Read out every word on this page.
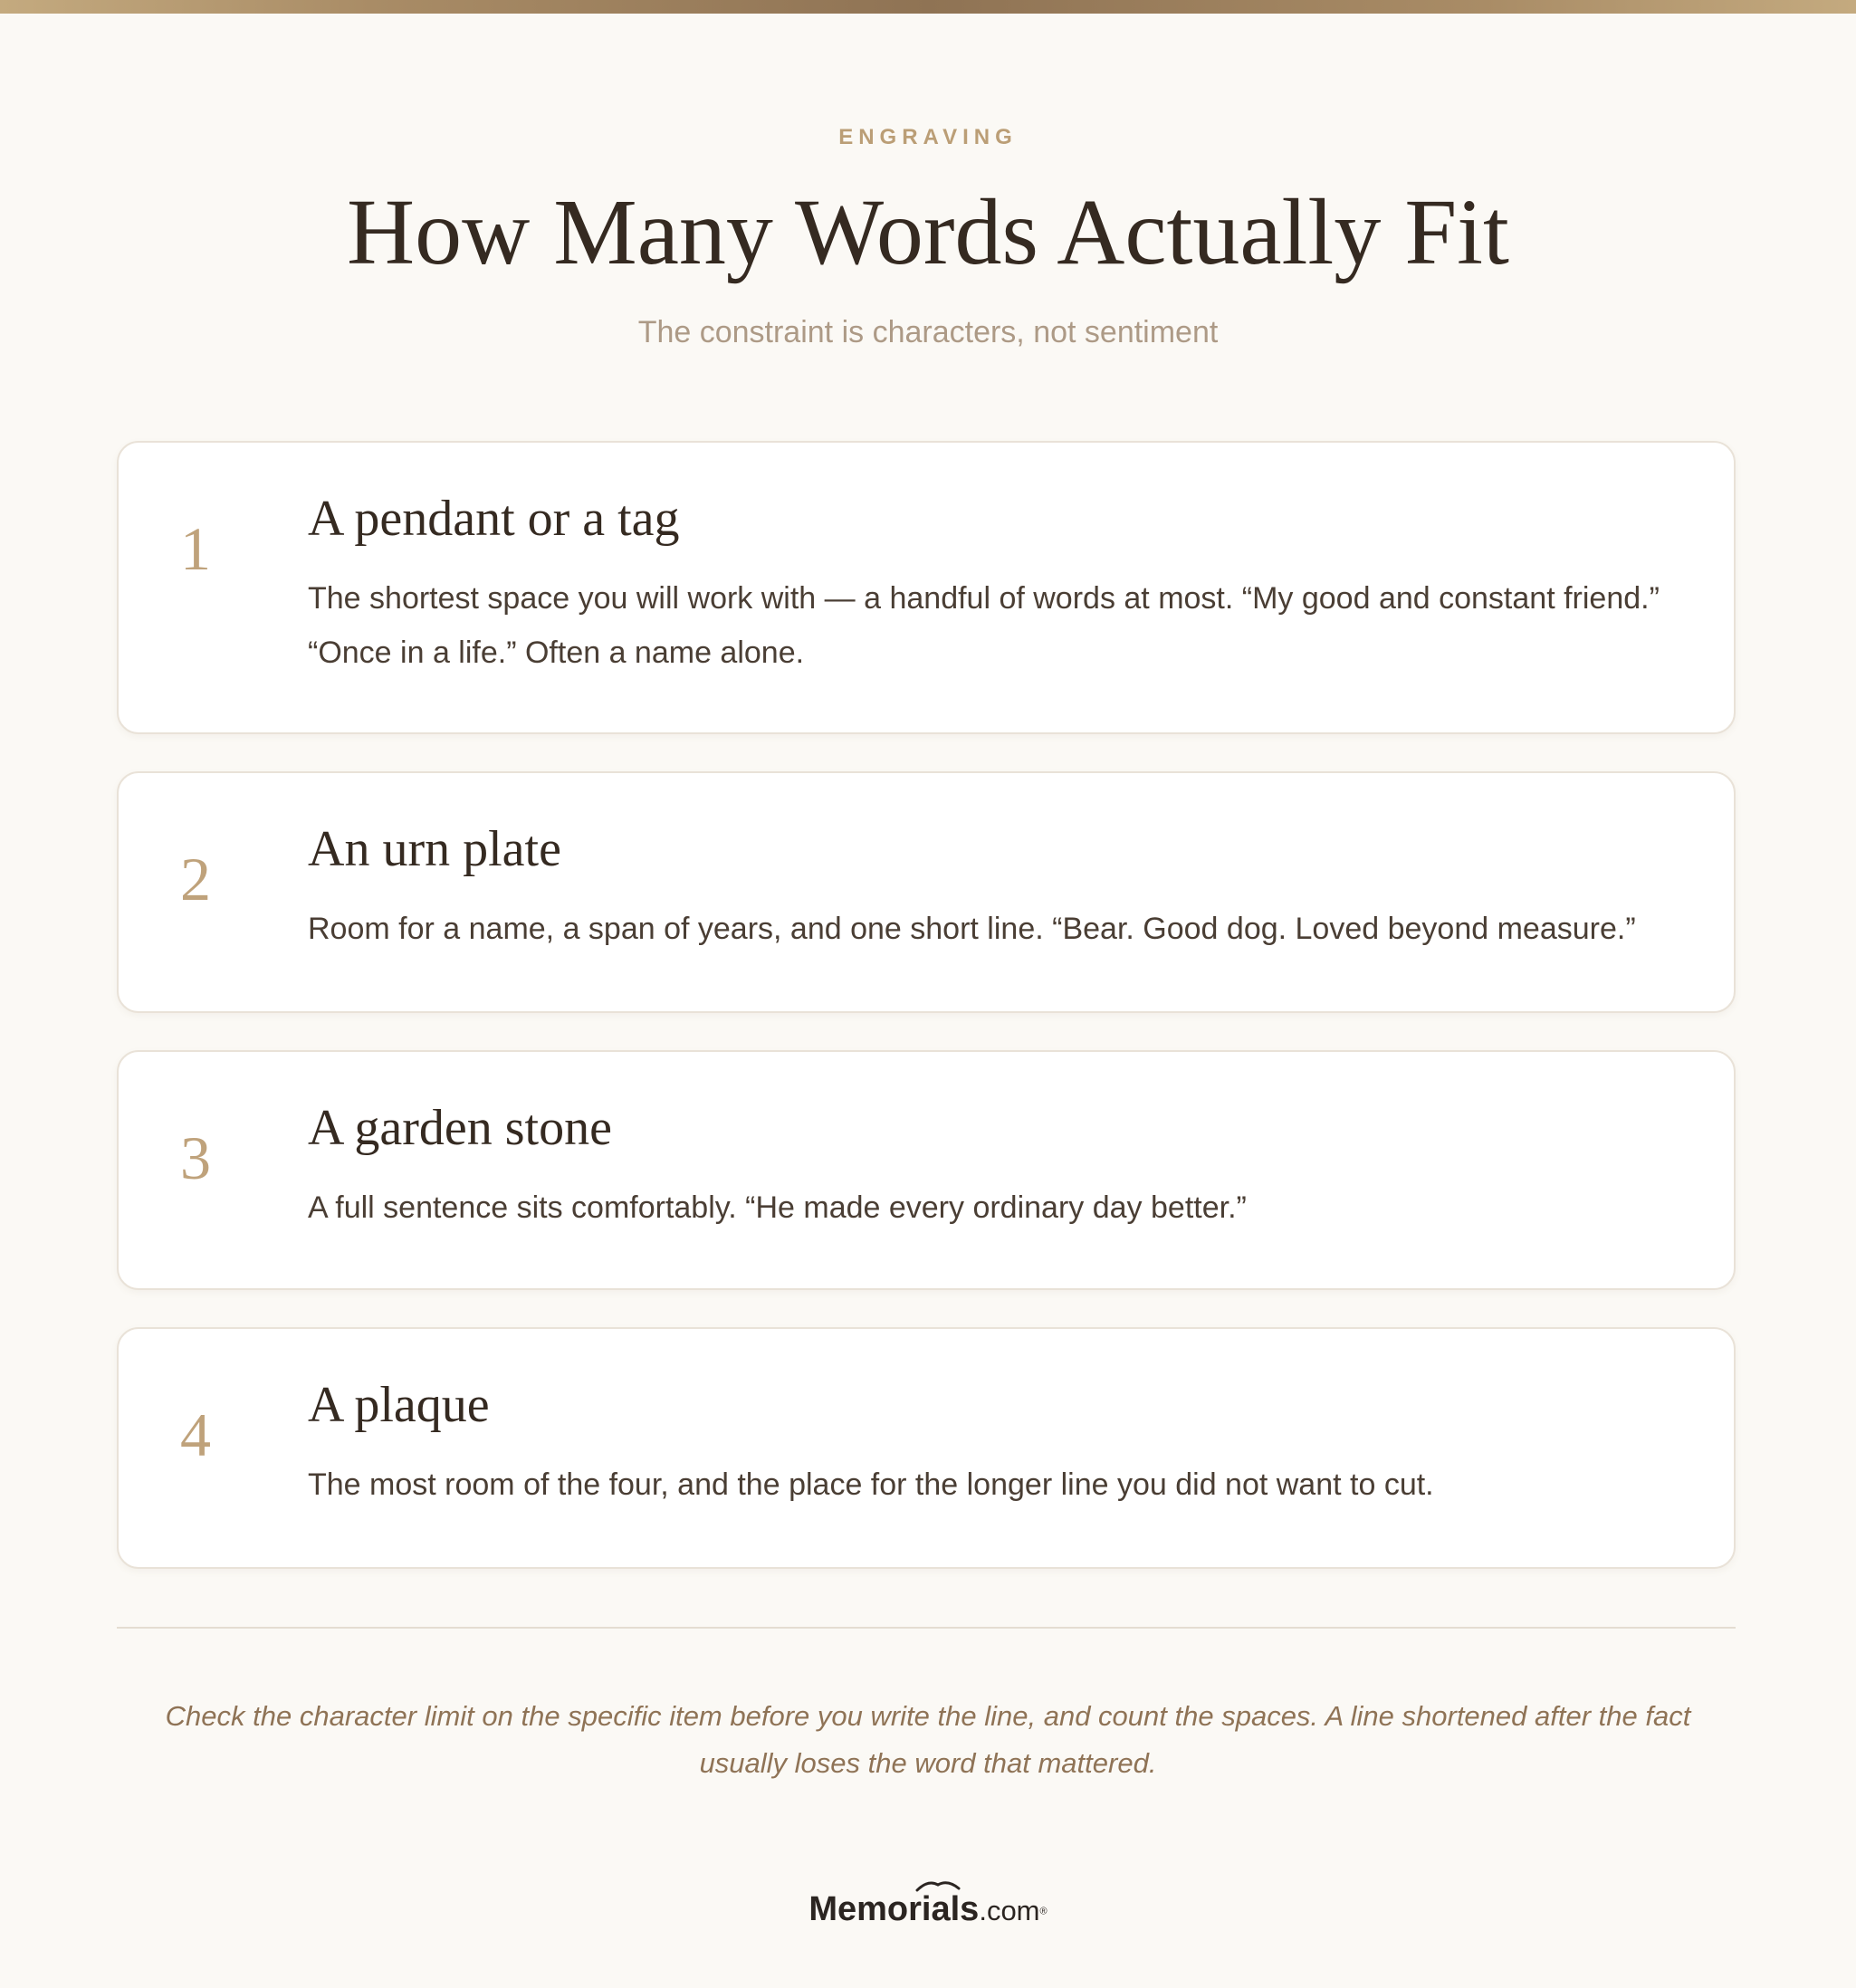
ENGRAVING
How Many Words Actually Fit
The constraint is characters, not sentiment
1	A pendant or a tag
The shortest space you will work with — a handful of words at most. “My good and constant friend.” “Once in a life.” Often a name alone.
2	An urn plate
Room for a name, a span of years, and one short line. “Bear. Good dog. Loved beyond measure.”
3	A garden stone
A full sentence sits comfortably. “He made every ordinary day better.”
4	A plaque
The most room of the four, and the place for the longer line you did not want to cut.
Check the character limit on the specific item before you write the line, and count the spaces. A line shortened after the fact usually loses the word that mattered.
Memorials.com®
